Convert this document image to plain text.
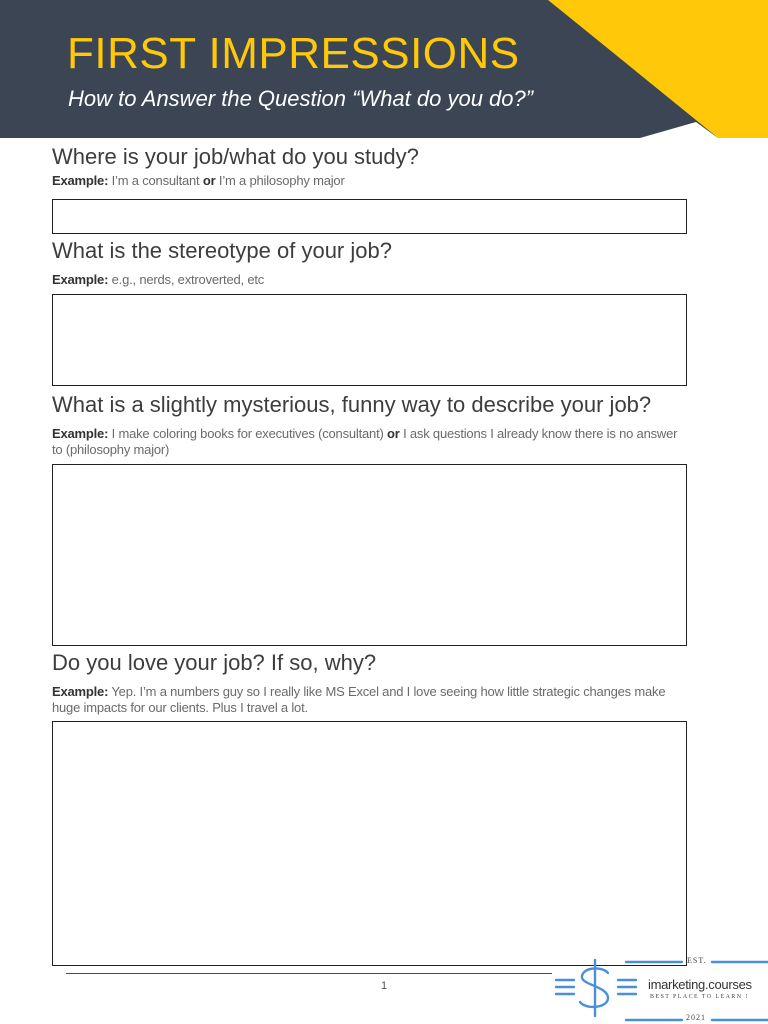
FIRST IMPRESSIONS

How to Answer the Question “What do you do?”

Where is your job/what do you study?

Example: I’m a consultant or I’m a philosophy major

What is the stereotype of your job?

Example: e.g., nerds, extroverted, etc

What is a slightly mysterious, funny way to describe your job?

Example: I make coloring books for executives (consultant) or I ask questions I already know there is no answer to (philosophy major)

Do you love your job? If so, why?

Example: Yep. I’m a numbers guy so I really like MS Excel and I love seeing how little strategic changes make huge impacts for our clients. Plus I travel a lot.

1
EST.
imarketing.courses
BEST PLACE TO LEARN !
2021
